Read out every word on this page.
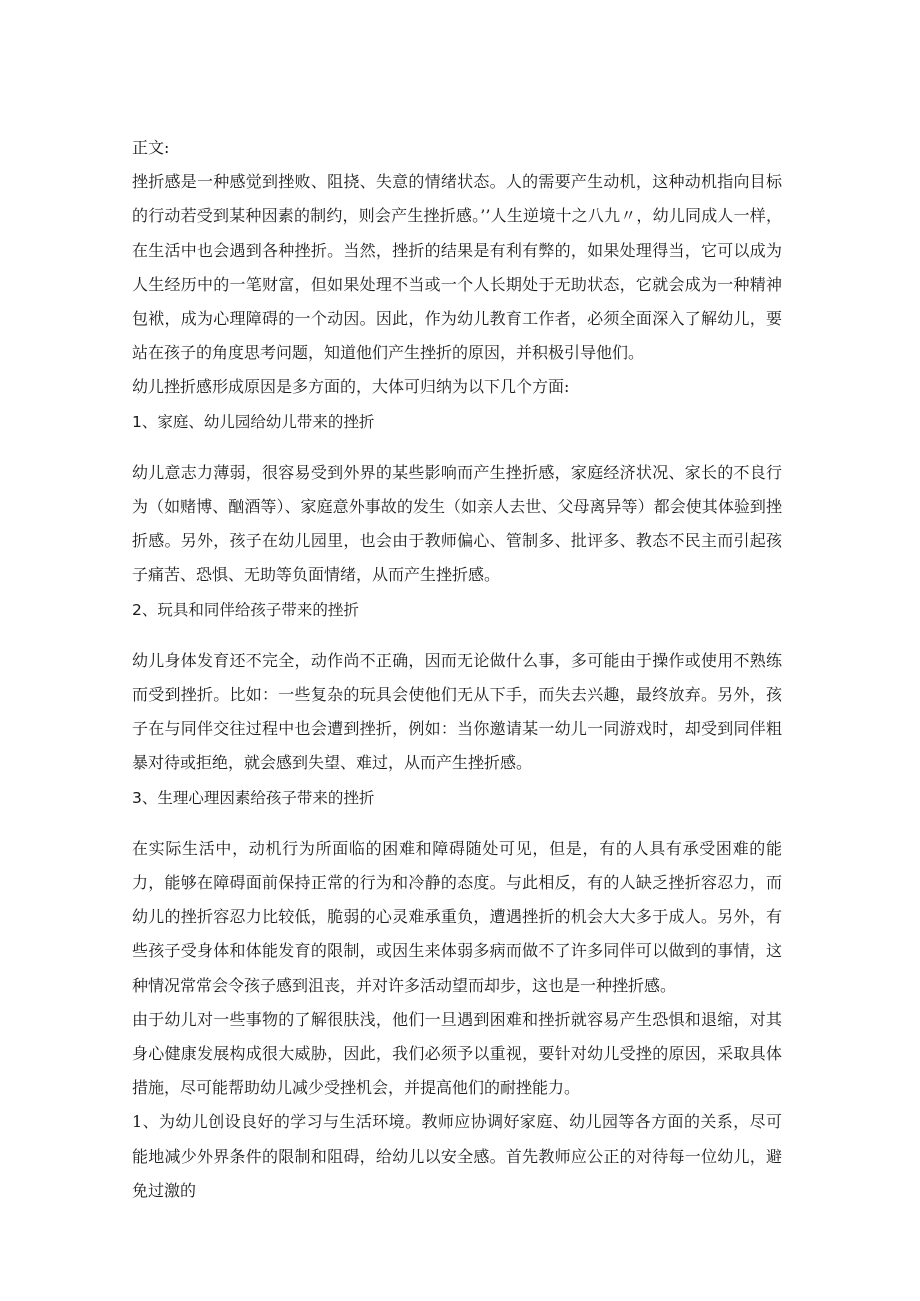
正文:

挫折感是一种感觉到挫败、阻挠、失意的情绪状态。人的需要产生动机，这种动机指向目标的行动若受到某种因素的制约，则会产生挫折感。’’人生逆境十之八九〃，幼儿同成人一样，在生活中也会遇到各种挫折。当然，挫折的结果是有利有弊的，如果处理得当，它可以成为人生经历中的一笔财富，但如果处理不当或一个人长期处于无助状态，它就会成为一种精神包袱，成为心理障碍的一个动因。因此，作为幼儿教育工作者，必须全面深入了解幼儿，要站在孩子的角度思考问题，知道他们产生挫折的原因，并积极引导他们。

幼儿挫折感形成原因是多方面的，大体可归纳为以下几个方面:

1、家庭、幼儿园给幼儿带来的挫折

幼儿意志力薄弱，很容易受到外界的某些影响而产生挫折感，家庭经济状况、家长的不良行为（如赌博、酗酒等）、家庭意外事故的发生（如亲人去世、父母离异等）都会使其体验到挫折感。另外，孩子在幼儿园里，也会由于教师偏心、管制多、批评多、教态不民主而引起孩子痛苦、恐惧、无助等负面情绪，从而产生挫折感。

2、玩具和同伴给孩子带来的挫折

幼儿身体发育还不完全，动作尚不正确，因而无论做什么事，多可能由于操作或使用不熟练而受到挫折。比如：一些复杂的玩具会使他们无从下手，而失去兴趣，最终放弃。另外，孩子在与同伴交往过程中也会遭到挫折，例如：当你邀请某一幼儿一同游戏时，却受到同伴粗暴对待或拒绝，就会感到失望、难过，从而产生挫折感。

3、生理心理因素给孩子带来的挫折

在实际生活中，动机行为所面临的困难和障碍随处可见，但是，有的人具有承受困难的能力，能够在障碍面前保持正常的行为和冷静的态度。与此相反，有的人缺乏挫折容忍力，而幼儿的挫折容忍力比较低，脆弱的心灵难承重负，遭遇挫折的机会大大多于成人。另外，有些孩子受身体和体能发育的限制，或因生来体弱多病而做不了许多同伴可以做到的事情，这种情况常常会令孩子感到沮丧，并对许多活动望而却步，这也是一种挫折感。

由于幼儿对一些事物的了解很肤浅，他们一旦遇到困难和挫折就容易产生恐惧和退缩，对其身心健康发展构成很大威胁，因此，我们必须予以重视，要针对幼儿受挫的原因，采取具体措施，尽可能帮助幼儿减少受挫机会，并提高他们的耐挫能力。

1、为幼儿创设良好的学习与生活环境。教师应协调好家庭、幼儿园等各方面的关系，尽可能地减少外界条件的限制和阻碍，给幼儿以安全感。首先教师应公正的对待每一位幼儿，避免过激的
